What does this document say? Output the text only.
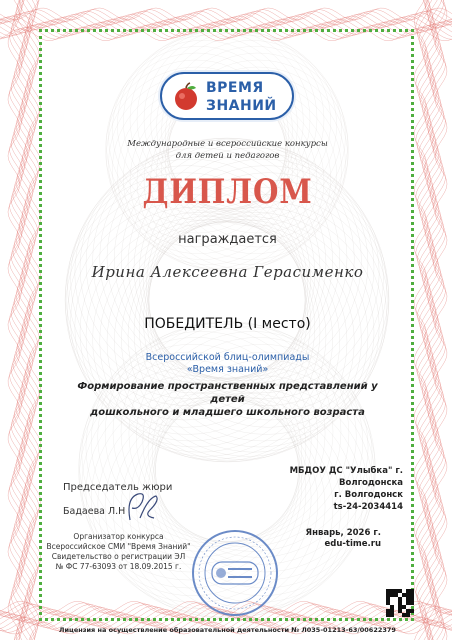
ВРЕМЯ
ЗНАНИЙ
Международные и всероссийские конкурсы
для детей и педагогов
ДИПЛОМ
награждается
Ирина Алексеевна Герасименко
ПОБЕДИТЕЛЬ (I место)
Всероссийской блиц-олимпиады
«Время знаний»
Формирование пространственных представлений у детей
дошкольного и младшего школьного возраста
Председатель жюри
Бадаева Л.Н
МБДОУ ДС "Улыбка" г. Волгодонска
г. Волгодонск
ts-24-2034414
Январь, 2026 г.
edu-time.ru
Организатор конкурса
Всероссийское СМИ "Время Знаний"
Свидетельство о регистрации ЭЛ
№ ФС 77-63093 от 18.09.2015 г.
Лицензия на осуществление образовательной деятельности № Л035-01213-63/00622379
